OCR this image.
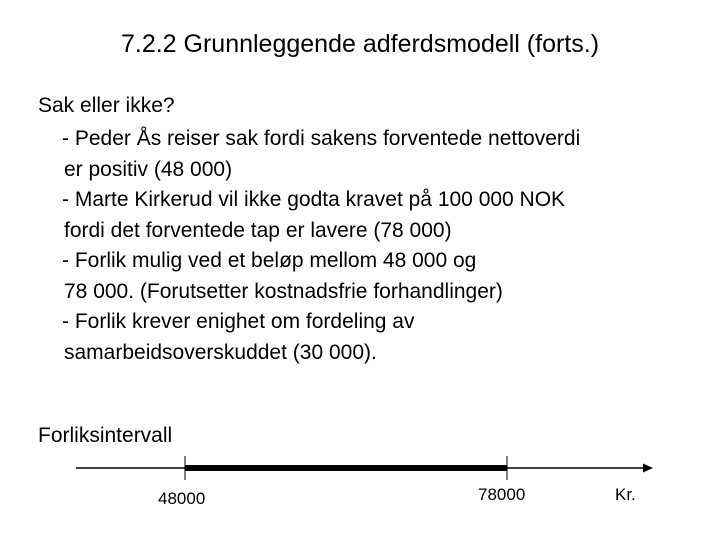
7.2.2 Grunnleggende adferdsmodell (forts.)
Sak eller ikke?

- Peder Ås reiser sak fordi sakens forventede nettoverdi
er positiv (48 000)

- Marte Kirkerud vil ikke godta kravet på 100 000 NOK
fordi det forventede tap er lavere (78 000)

- Forlik mulig ved et beløp mellom 48 000 og
78 000. (Forutsetter kostnadsfrie forhandlinger)

- Forlik krever enighet om fordeling av
samarbeidsoverskuddet (30 000).

Forliksintervall
48000	78000	Kr.
